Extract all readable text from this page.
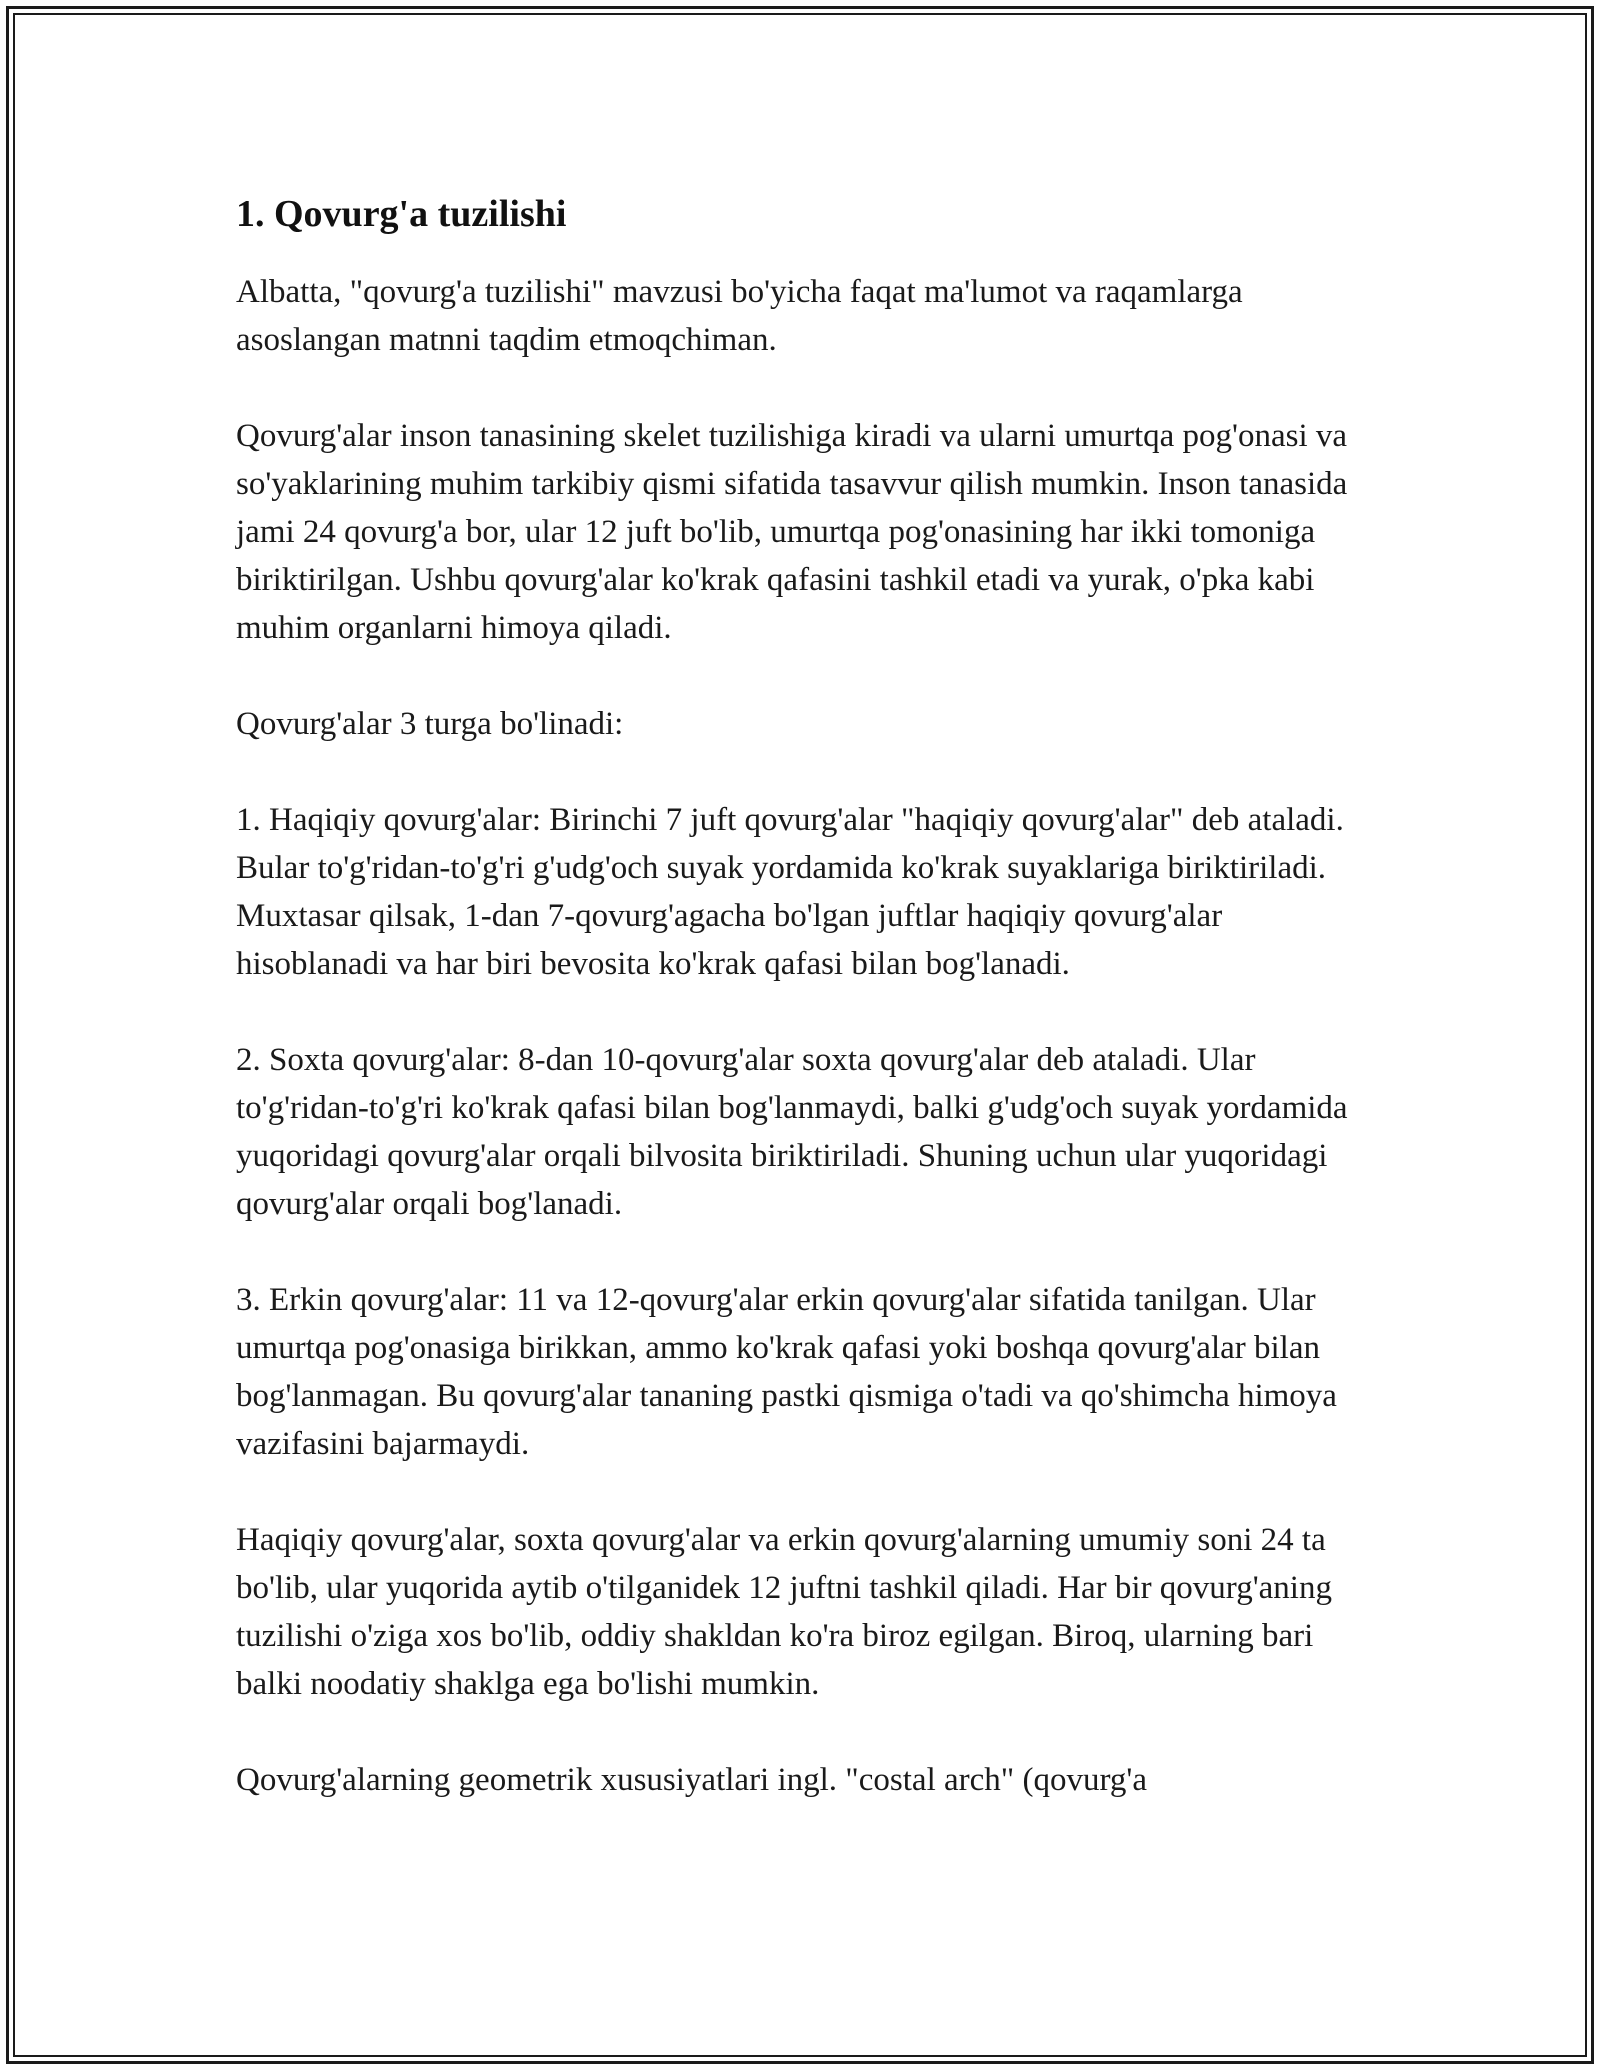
1. Qovurg'a tuzilishi

Albatta, "qovurg'a tuzilishi" mavzusi bo'yicha faqat ma'lumot va raqamlarga asoslangan matnni taqdim etmoqchiman.

Qovurg'alar inson tanasining skelet tuzilishiga kiradi va ularni umurtqa pog'onasi va so'yaklarining muhim tarkibiy qismi sifatida tasavvur qilish mumkin. Inson tanasida jami 24 qovurg'a bor, ular 12 juft bo'lib, umurtqa pog'onasining har ikki tomoniga biriktirilgan. Ushbu qovurg'alar ko'krak qafasini tashkil etadi va yurak, o'pka kabi muhim organlarni himoya qiladi.

Qovurg'alar 3 turga bo'linadi:

1. Haqiqiy qovurg'alar: Birinchi 7 juft qovurg'alar "haqiqiy qovurg'alar" deb ataladi. Bular to'g'ridan-to'g'ri g'udg'och suyak yordamida ko'krak suyaklariga biriktiriladi. Muxtasar qilsak, 1-dan 7-qovurg'agacha bo'lgan juftlar haqiqiy qovurg'alar hisoblanadi va har biri bevosita ko'krak qafasi bilan bog'lanadi.

2. Soxta qovurg'alar: 8-dan 10-qovurg'alar soxta qovurg'alar deb ataladi. Ular to'g'ridan-to'g'ri ko'krak qafasi bilan bog'lanmaydi, balki g'udg'och suyak yordamida yuqoridagi qovurg'alar orqali bilvosita biriktiriladi. Shuning uchun ular yuqoridagi qovurg'alar orqali bog'lanadi.

3. Erkin qovurg'alar: 11 va 12-qovurg'alar erkin qovurg'alar sifatida tanilgan. Ular umurtqa pog'onasiga birikkan, ammo ko'krak qafasi yoki boshqa qovurg'alar bilan bog'lanmagan. Bu qovurg'alar tananing pastki qismiga o'tadi va qo'shimcha himoya vazifasini bajarmaydi.

Haqiqiy qovurg'alar, soxta qovurg'alar va erkin qovurg'alarning umumiy soni 24 ta bo'lib, ular yuqorida aytib o'tilganidek 12 juftni tashkil qiladi. Har bir qovurg'aning tuzilishi o'ziga xos bo'lib, oddiy shakldan ko'ra biroz egilgan. Biroq, ularning bari balki noodatiy shaklga ega bo'lishi mumkin.

Qovurg'alarning geometrik xususiyatlari ingl. "costal arch" (qovurg'a
